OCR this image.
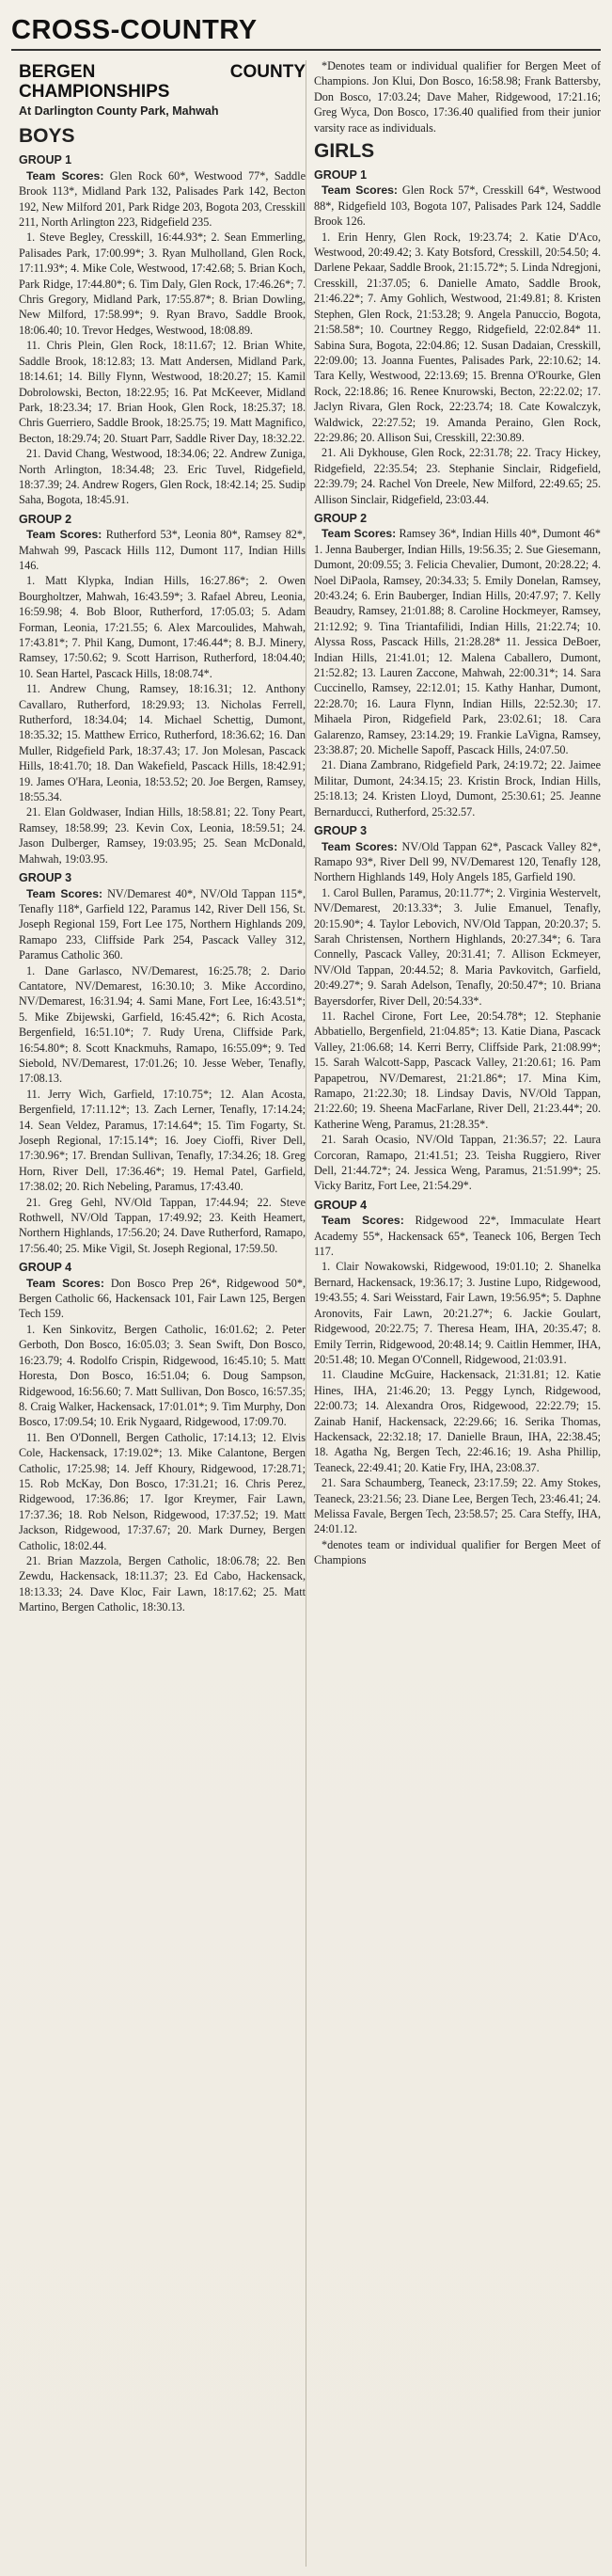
CROSS-COUNTRY
BERGEN COUNTY CHAMPIONSHIPS
At Darlington County Park, Mahwah
BOYS
GROUP 1

Team Scores: Glen Rock 60*, Westwood 77*, Saddle Brook 113*, Midland Park 132, Palisades Park 142, Becton 192, New Milford 201, Park Ridge 203, Bogota 203, Cresskill 211, North Arlington 223, Ridgefield 235.

1. Steve Begley, Cresskill, 16:44.93*; 2. Sean Emmerling, Palisades Park, 17:00.99*; 3. Ryan Mulholland, Glen Rock, 17:11.93*; 4. Mike Cole, Westwood, 17:42.68; 5. Brian Koch, Park Ridge, 17:44.80*; 6. Tim Daly, Glen Rock, 17:46.26*; 7. Chris Gregory, Midland Park, 17:55.87*; 8. Brian Dowling, New Milford, 17:58.99*; 9. Ryan Bravo, Saddle Brook, 18:06.40; 10. Trevor Hedges, Westwood, 18:08.89.

11. Chris Plein, Glen Rock, 18:11.67; 12. Brian White, Saddle Brook, 18:12.83; 13. Matt Andersen, Midland Park, 18:14.61; 14. Billy Flynn, Westwood, 18:20.27; 15. Kamil Dobrolowski, Becton, 18:22.95; 16. Pat McKeever, Midland Park, 18:23.34; 17. Brian Hook, Glen Rock, 18:25.37; 18. Chris Guerriero, Saddle Brook, 18:25.75; 19. Matt Magnifico, Becton, 18:29.74; 20. Stuart Parr, Saddle River Day, 18:32.22.

21. David Chang, Westwood, 18:34.06; 22. Andrew Zuniga, North Arlington, 18:34.48; 23. Eric Tuvel, Ridgefield, 18:37.39; 24. Andrew Rogers, Glen Rock, 18:42.14; 25. Sudip Saha, Bogota, 18:45.91.

GROUP 2

Team Scores: Rutherford 53*, Leonia 80*, Ramsey 82*, Mahwah 99, Pascack Hills 112, Dumont 117, Indian Hills 146.

1. Matt Klypka, Indian Hills, 16:27.86*; 2. Owen Bourgholtzer, Mahwah, 16:43.59*; 3. Rafael Abreu, Leonia, 16:59.98; 4. Bob Bloor, Rutherford, 17:05.03; 5. Adam Forman, Leonia, 17:21.55; 6. Alex Marcoulides, Mahwah, 17:43.81*; 7. Phil Kang, Dumont, 17:46.44*; 8. B.J. Minery, Ramsey, 17:50.62; 9. Scott Harrison, Rutherford, 18:04.40; 10. Sean Hartel, Pascack Hills, 18:08.74*.

11. Andrew Chung, Ramsey, 18:16.31; 12. Anthony Cavallaro, Rutherford, 18:29.93; 13. Nicholas Ferrell, Rutherford, 18:34.04; 14. Michael Schettig, Dumont, 18:35.32; 15. Matthew Errico, Rutherford, 18:36.62; 16. Dan Muller, Ridgefield Park, 18:37.43; 17. Jon Molesan, Pascack Hills, 18:41.70; 18. Dan Wakefield, Pascack Hills, 18:42.91; 19. James O'Hara, Leonia, 18:53.52; 20. Joe Bergen, Ramsey, 18:55.34.

21. Elan Goldwaser, Indian Hills, 18:58.81; 22. Tony Peart, Ramsey, 18:58.99; 23. Kevin Cox, Leonia, 18:59.51; 24. Jason Dulberger, Ramsey, 19:03.95; 25. Sean McDonald, Mahwah, 19:03.95.

GROUP 3

Team Scores: NV/Demarest 40*, NV/Old Tappan 115*, Tenafly 118*, Garfield 122, Paramus 142, River Dell 156, St. Joseph Regional 159, Fort Lee 175, Northern Highlands 209, Ramapo 233, Cliffside Park 254, Pascack Valley 312, Paramus Catholic 360.

1. Dane Garlasco, NV/Demarest, 16:25.78; 2. Dario Cantatore, NV/Demarest, 16:30.10; 3. Mike Accordino, NV/Demarest, 16:31.94; 4. Sami Mane, Fort Lee, 16:43.51*; 5. Mike Zbijewski, Garfield, 16:45.42*; 6. Rich Acosta, Bergenfield, 16:51.10*; 7. Rudy Urena, Cliffside Park, 16:54.80*; 8. Scott Knackmuhs, Ramapo, 16:55.09*; 9. Ted Siebold, NV/Demarest, 17:01.26; 10. Jesse Weber, Tenafly, 17:08.13.

11. Jerry Wich, Garfield, 17:10.75*; 12. Alan Acosta, Bergenfield, 17:11.12*; 13. Zach Lerner, Tenafly, 17:14.24; 14. Sean Veldez, Paramus, 17:14.64*; 15. Tim Fogarty, St. Joseph Regional, 17:15.14*; 16. Joey Cioffi, River Dell, 17:30.96*; 17. Brendan Sullivan, Tenafly, 17:34.26; 18. Greg Horn, River Dell, 17:36.46*; 19. Hemal Patel, Garfield, 17:38.02; 20. Rich Nebeling, Paramus, 17:43.40.

21. Greg Gehl, NV/Old Tappan, 17:44.94; 22. Steve Rothwell, NV/Old Tappan, 17:49.92; 23. Keith Heamert, Northern Highlands, 17:56.20; 24. Dave Rutherford, Ramapo, 17:56.40; 25. Mike Vigil, St. Joseph Regional, 17:59.50.

GROUP 4

Team Scores: Don Bosco Prep 26*, Ridgewood 50*, Bergen Catholic 66, Hackensack 101, Fair Lawn 125, Bergen Tech 159.

1. Ken Sinkovitz, Bergen Catholic, 16:01.62; 2. Peter Gerboth, Don Bosco, 16:05.03; 3. Sean Swift, Don Bosco, 16:23.79; 4. Rodolfo Crispin, Ridgewood, 16:45.10; 5. Matt Horesta, Don Bosco, 16:51.04; 6. Doug Sampson, Ridgewood, 16:56.60; 7. Matt Sullivan, Don Bosco, 16:57.35; 8. Craig Walker, Hackensack, 17:01.01*; 9. Tim Murphy, Don Bosco, 17:09.54; 10. Erik Nygaard, Ridgewood, 17:09.70.

11. Ben O'Donnell, Bergen Catholic, 17:14.13; 12. Elvis Cole, Hackensack, 17:19.02*; 13. Mike Calantone, Bergen Catholic, 17:25.98; 14. Jeff Khoury, Ridgewood, 17:28.71; 15. Rob McKay, Don Bosco, 17:31.21; 16. Chris Perez, Ridgewood, 17:36.86; 17. Igor Kreymer, Fair Lawn, 17:37.36; 18. Rob Nelson, Ridgewood, 17:37.52; 19. Matt Jackson, Ridgewood, 17:37.67; 20. Mark Durney, Bergen Catholic, 18:02.44.

21. Brian Mazzola, Bergen Catholic, 18:06.78; 22. Ben Zewdu, Hackensack, 18:11.37; 23. Ed Cabo, Hackensack, 18:13.33; 24. Dave Kloc, Fair Lawn, 18:17.62; 25. Matt Martino, Bergen Catholic, 18:30.13.

*Denotes team or individual qualifier for Bergen Meet of Champions. Jon Klui, Don Bosco, 16:58.98; Frank Battersby, Don Bosco, 17:03.24; Dave Maher, Ridgewood, 17:21.16; Greg Wyca, Don Bosco, 17:36.40 qualified from their junior varsity race as individuals.

GIRLS
GROUP 1

Team Scores: Glen Rock 57*, Cresskill 64*, Westwood 88*, Ridgefield 103, Bogota 107, Palisades Park 124, Saddle Brook 126.

1. Erin Henry, Glen Rock, 19:23.74; 2. Katie D'Aco, Westwood, 20:49.42; 3. Katy Botsford, Cresskill, 20:54.50; 4. Darlene Pekaar, Saddle Brook, 21:15.72*; 5. Linda Ndregjoni, Cresskill, 21:37.05; 6. Danielle Amato, Saddle Brook, 21:46.22*; 7. Amy Gohlich, Westwood, 21:49.81; 8. Kristen Stephen, Glen Rock, 21:53.28; 9. Angela Panuccio, Bogota, 21:58.58*; 10. Courtney Reggo, Ridgefield, 22:02.84* 11. Sabina Sura, Bogota, 22:04.86; 12. Susan Dadaian, Cresskill, 22:09.00; 13. Joanna Fuentes, Palisades Park, 22:10.62; 14. Tara Kelly, Westwood, 22:13.69; 15. Brenna O'Rourke, Glen Rock, 22:18.86; 16. Renee Knurowski, Becton, 22:22.02; 17. Jaclyn Rivara, Glen Rock, 22:23.74; 18. Cate Kowalczyk, Waldwick, 22:27.52; 19. Amanda Peraino, Glen Rock, 22:29.86; 20. Allison Sui, Cresskill, 22:30.89.

21. Ali Dykhouse, Glen Rock, 22:31.78; 22. Tracy Hickey, Ridgefield, 22:35.54; 23. Stephanie Sinclair, Ridgefield, 22:39.79; 24. Rachel Von Dreele, New Milford, 22:49.65; 25. Allison Sinclair, Ridgefield, 23:03.44.

GROUP 2

Team Scores: Ramsey 36*, Indian Hills 40*, Dumont 46* 1. Jenna Bauberger, Indian Hills, 19:56.35; 2. Sue Giesemann, Dumont, 20:09.55; 3. Felicia Chevalier, Dumont, 20:28.22; 4. Noel DiPaola, Ramsey, 20:34.33; 5. Emily Donelan, Ramsey, 20:43.24; 6. Erin Bauberger, Indian Hills, 20:47.97; 7. Kelly Beaudry, Ramsey, 21:01.88; 8. Caroline Hockmeyer, Ramsey, 21:12.92; 9. Tina Triantafilidi, Indian Hills, 21:22.74; 10. Alyssa Ross, Pascack Hills, 21:28.28* 11. Jessica DeBoer, Indian Hills, 21:41.01; 12. Malena Caballero, Dumont, 21:52.82; 13. Lauren Zaccone, Mahwah, 22:00.31*; 14. Sara Cuccinello, Ramsey, 22:12.01; 15. Kathy Hanhar, Dumont, 22:28.70; 16. Laura Flynn, Indian Hills, 22:52.30; 17. Mihaela Piron, Ridgefield Park, 23:02.61; 18. Cara Galarenzo, Ramsey, 23:14.29; 19. Frankie LaVigna, Ramsey, 23:38.87; 20. Michelle Sapoff, Pascack Hills, 24:07.50.

21. Diana Zambrano, Ridgefield Park, 24:19.72; 22. Jaimee Militar, Dumont, 24:34.15; 23. Kristin Brock, Indian Hills, 25:18.13; 24. Kristen Lloyd, Dumont, 25:30.61; 25. Jeanne Bernarducci, Rutherford, 25:32.57.

GROUP 3

Team Scores: NV/Old Tappan 62*, Pascack Valley 82*, Ramapo 93*, River Dell 99, NV/Demarest 120, Tenafly 128, Northern Highlands 149, Holy Angels 185, Garfield 190.

1. Carol Bullen, Paramus, 20:11.77*; 2. Virginia Westervelt, NV/Demarest, 20:13.33*; 3. Julie Emanuel, Tenafly, 20:15.90*; 4. Taylor Lebovich, NV/Old Tappan, 20:20.37; 5. Sarah Christensen, Northern Highlands, 20:27.34*; 6. Tara Connelly, Pascack Valley, 20:31.41; 7. Allison Eckmeyer, NV/Old Tappan, 20:44.52; 8. Maria Pavkovitch, Garfield, 20:49.27*; 9. Sarah Adelson, Tenafly, 20:50.47*; 10. Briana Bayersdorfer, River Dell, 20:54.33*.

11. Rachel Cirone, Fort Lee, 20:54.78*; 12. Stephanie Abbatiello, Bergenfield, 21:04.85*; 13. Katie Diana, Pascack Valley, 21:06.68; 14. Kerri Berry, Cliffside Park, 21:08.99*; 15. Sarah Walcott-Sapp, Pascack Valley, 21:20.61; 16. Pam Papapetrou, NV/Demarest, 21:21.86*; 17. Mina Kim, Ramapo, 21:22.30; 18. Lindsay Davis, NV/Old Tappan, 21:22.60; 19. Sheena MacFarlane, River Dell, 21:23.44*; 20. Katherine Weng, Paramus, 21:28.35*.

21. Sarah Ocasio, NV/Old Tappan, 21:36.57; 22. Laura Corcoran, Ramapo, 21:41.51; 23. Teisha Ruggiero, River Dell, 21:44.72*; 24. Jessica Weng, Paramus, 21:51.99*; 25. Vicky Baritz, Fort Lee, 21:54.29*.

GROUP 4

Team Scores: Ridgewood 22*, Immaculate Heart Academy 55*, Hackensack 65*, Teaneck 106, Bergen Tech 117.

1. Clair Nowakowski, Ridgewood, 19:01.10; 2. Shanelka Bernard, Hackensack, 19:36.17; 3. Justine Lupo, Ridgewood, 19:43.55; 4. Sari Weisstard, Fair Lawn, 19:56.95*; 5. Daphne Aronovits, Fair Lawn, 20:21.27*; 6. Jackie Goulart, Ridgewood, 20:22.75; 7. Theresa Heam, IHA, 20:35.47; 8. Emily Terrin, Ridgewood, 20:48.14; 9. Caitlin Hemmer, IHA, 20:51.48; 10. Megan O'Connell, Ridgewood, 21:03.91.

11. Claudine McGuire, Hackensack, 21:31.81; 12. Katie Hines, IHA, 21:46.20; 13. Peggy Lynch, Ridgewood, 22:00.73; 14. Alexandra Oros, Ridgewood, 22:22.79; 15. Zainab Hanif, Hackensack, 22:29.66; 16. Serika Thomas, Hackensack, 22:32.18; 17. Danielle Braun, IHA, 22:38.45; 18. Agatha Ng, Bergen Tech, 22:46.16; 19. Asha Phillip, Teaneck, 22:49.41; 20. Katie Fry, IHA, 23:08.37.

21. Sara Schaumberg, Teaneck, 23:17.59; 22. Amy Stokes, Teaneck, 23:21.56; 23. Diane Lee, Bergen Tech, 23:46.41; 24. Melissa Favale, Bergen Tech, 23:58.57; 25. Cara Steffy, IHA, 24:01.12.

*denotes team or individual qualifier for Bergen Meet of Champions
